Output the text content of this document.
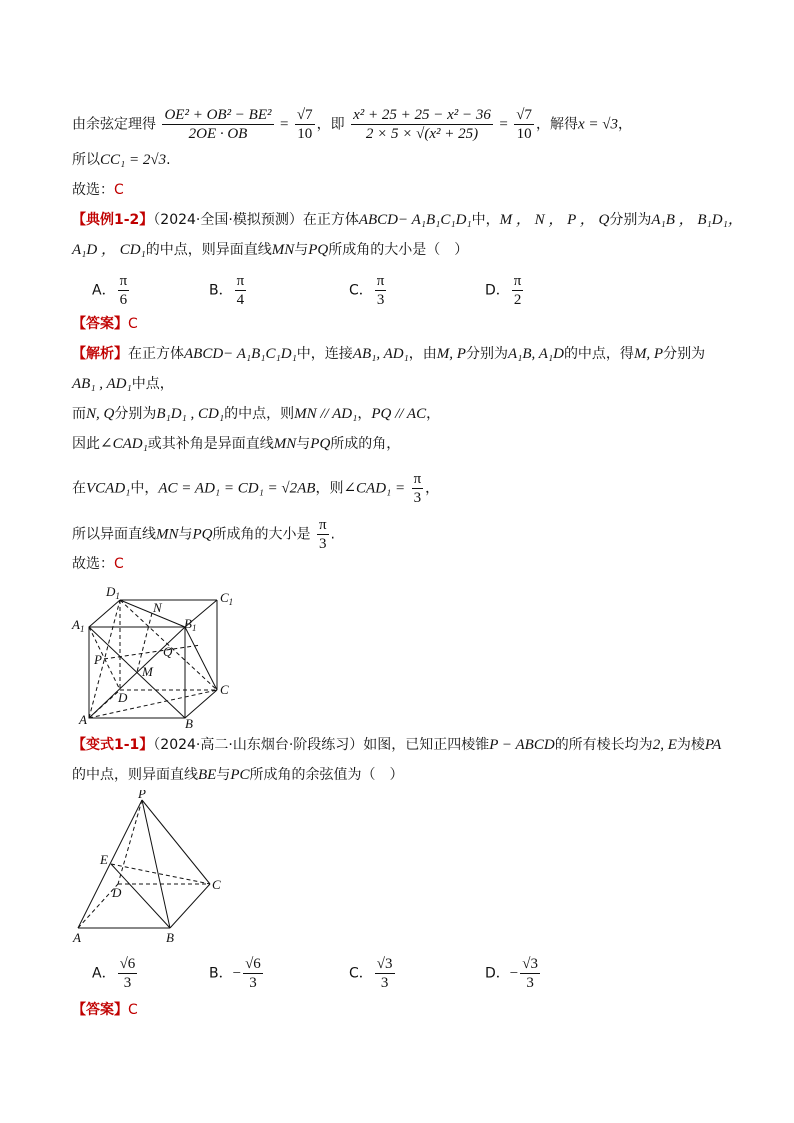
由余弦定理得 $\frac{\text{OE² + OB² − BE²}}{2OE \cdot OB} = \frac{√7}{10}$ ，即 $\frac{\text{x² + 25 + 25 − x² − 36}}{\text{2 × 5 × √(x² + 25)}} = \frac{√7}{10}$ ，解得x = √3，
所以CC₁ = 2√3.
故选：C
【典例1-2】（2024·全国·模拟预测）在正方体ABCD− A₁B₁C₁D₁中，M ， N ， P ， Q分别为A₁B ， B₁D₁，
A₁D ， CD₁的中点，则异面直线MN与PQ所成角的大小是（　）
A． $\frac{\pi}{6}$	B． $\frac{\pi}{4}$	C． $\frac{\pi}{3}$	D． $\frac{\pi}{2}$
【答案】C
【解析】在正方体ABCD− A₁B₁C₁D₁中，连接AB₁, AD₁，由M, P分别为A₁B, A₁D的中点，得M, P分别为
AB₁ , AD₁中点，
而N, Q分别为B₁D₁ , CD₁的中点，则MN // AD₁，PQ // AC，
因此∠CAD₁或其补角是异面直线MN与PQ所成的角，
在VCAD₁中，AC = AD₁ = CD₁ = √2AB，则∠CAD₁ = $\frac{\pi}{3}$ ，
所以异面直线MN与PQ所成角的大小是 $\frac{\pi}{3}$ .
故选：C
$D_1$	$C_1$
$A_1$	$B_1$
N
P
Q
M
D
C
A	B
【变式1-1】（2024·高二·山东烟台·阶段练习）如图，已知正四棱锥P − ABCD的所有棱长均为2, E为棱PA
的中点，则异面直线BE与PC所成角的余弦值为（　）
P
E
D
C
A	B
A． $\frac{√6}{3}$	B．− $\frac{√6}{3}$	C． $\frac{√3}{3}$	D．− $\frac{√3}{3}$
【答案】C
